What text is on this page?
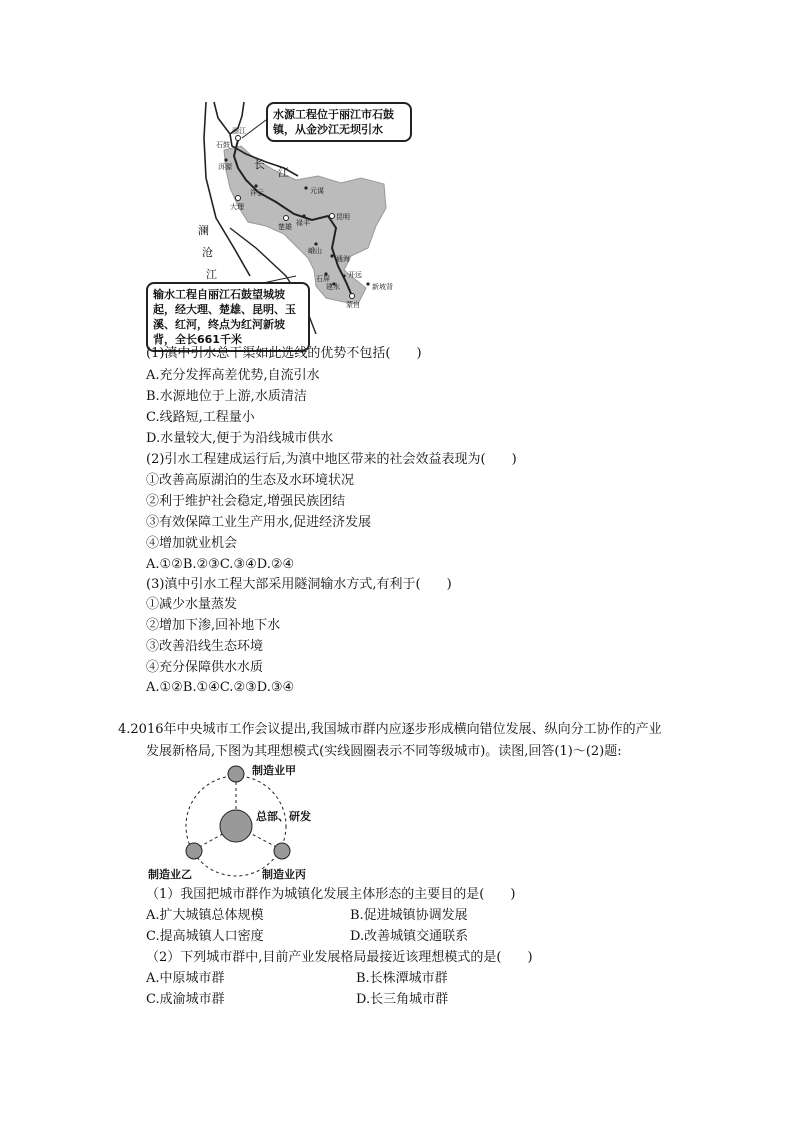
水源工程位于丽江市石鼓镇，从金沙江无坝引水
输水工程自丽江石鼓望城坡起，经大理、楚雄、昆明、玉溪、红河，终点为红河新坡背，全长661千米
长
江
澜
沧
江
丽江
石鼓
洱源
大理
祥云
楚雄 禄丰
元谋
昆明
峨山
通海
石屏
建水
开远
蒙自
新坡背
(1)滇中引水总干渠如此选线的优势不包括(　　)
A.充分发挥高差优势,自流引水
B.水源地位于上游,水质清洁
C.线路短,工程量小
D.水量较大,便于为沿线城市供水
(2)引水工程建成运行后,为滇中地区带来的社会效益表现为(　　)
①改善高原湖泊的生态及水环境状况
②利于维护社会稳定,增强民族团结
③有效保障工业生产用水,促进经济发展
④增加就业机会
A.①②B.②③C.③④D.②④
(3)滇中引水工程大部采用隧洞输水方式,有利于(　　)
①减少水量蒸发
②增加下渗,回补地下水
③改善沿线生态环境
④充分保障供水水质
A.①②B.①④C.②③D.③④
4.2016年中央城市工作会议提出,我国城市群内应逐步形成横向错位发展、纵向分工协作的产业
发展新格局,下图为其理想模式(实线圆圈表示不同等级城市)。读图,回答(1)～(2)题:
制造业甲
总部、研发
制造业乙	制造业丙
（1）我国把城市群作为城镇化发展主体形态的主要目的是(　　)
A.扩大城镇总体规模	B.促进城镇协调发展
C.提高城镇人口密度	D.改善城镇交通联系
（2）下列城市群中,目前产业发展格局最接近该理想模式的是(　　)
A.中原城市群	B.长株潭城市群
C.成渝城市群	D.长三角城市群
